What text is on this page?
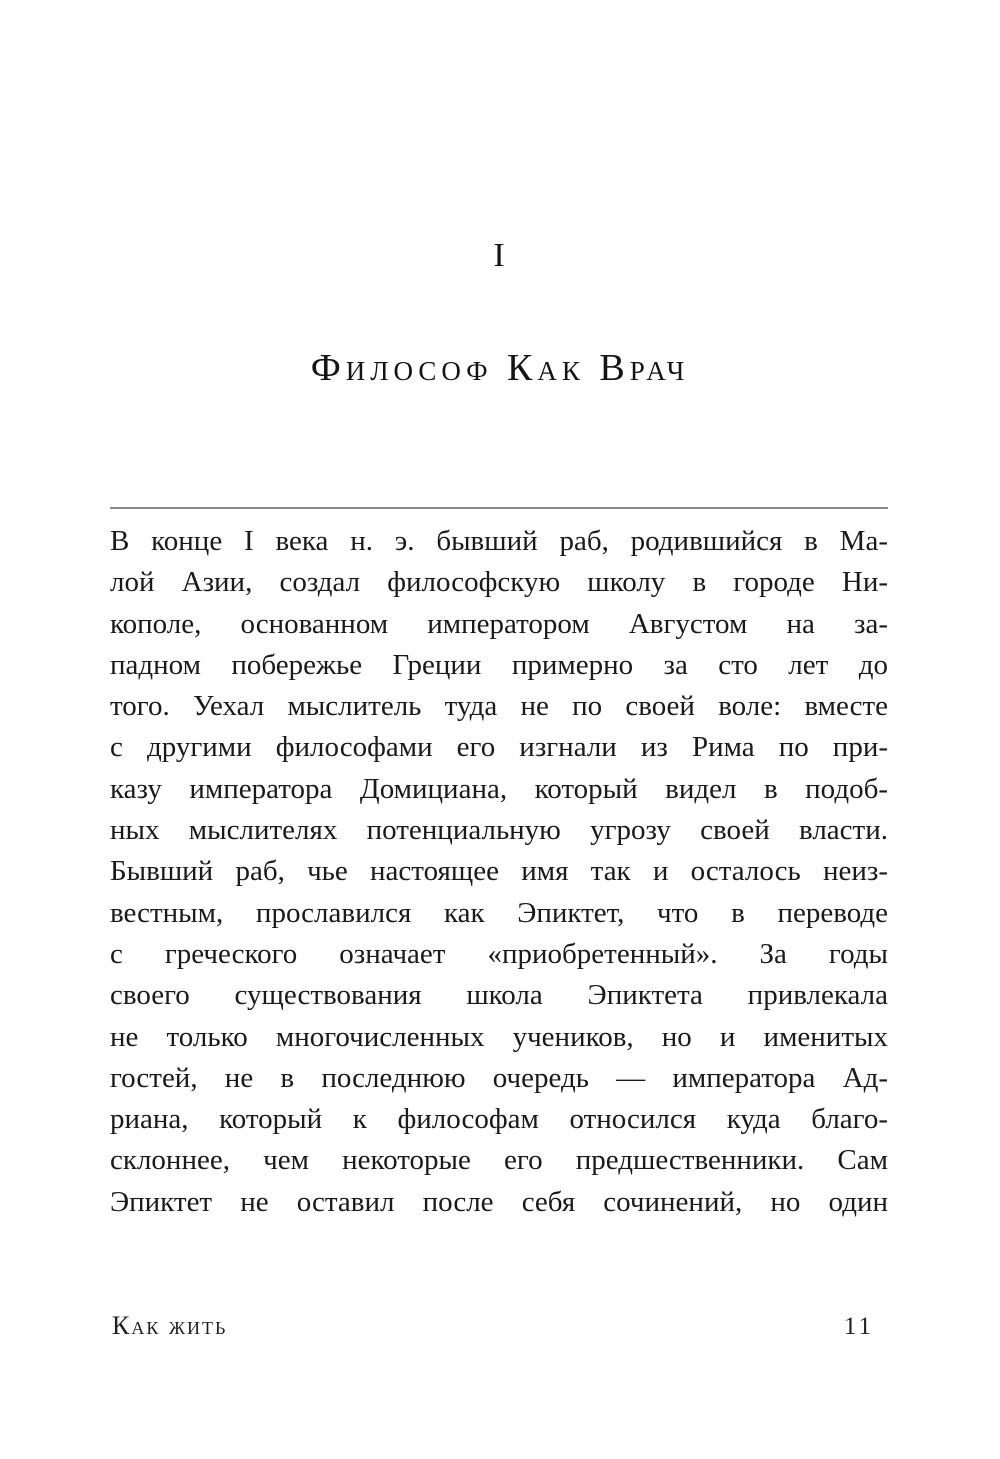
I
Философ Как Врач
В конце I века н. э. бывший раб, родившийся в Ма-
лой Азии, создал философскую школу в городе Ни-
кополе, основанном императором Августом на за-
падном побережье Греции примерно за сто лет до
того. Уехал мыслитель туда не по своей воле: вместе
с другими философами его изгнали из Рима по при-
казу императора Домициана, который видел в подоб-
ных мыслителях потенциальную угрозу своей власти.
Бывший раб, чье настоящее имя так и осталось неиз-
вестным, прославился как Эпиктет, что в переводе
с греческого означает «приобретенный». За годы
своего существования школа Эпиктета привлекала
не только многочисленных учеников, но и именитых
гостей, не в последнюю очередь — императора Ад-
риана, который к философам относился куда благо-
склоннее, чем некоторые его предшественники. Сам
Эпиктет не оставил после себя сочинений, но один
Как жить	11
